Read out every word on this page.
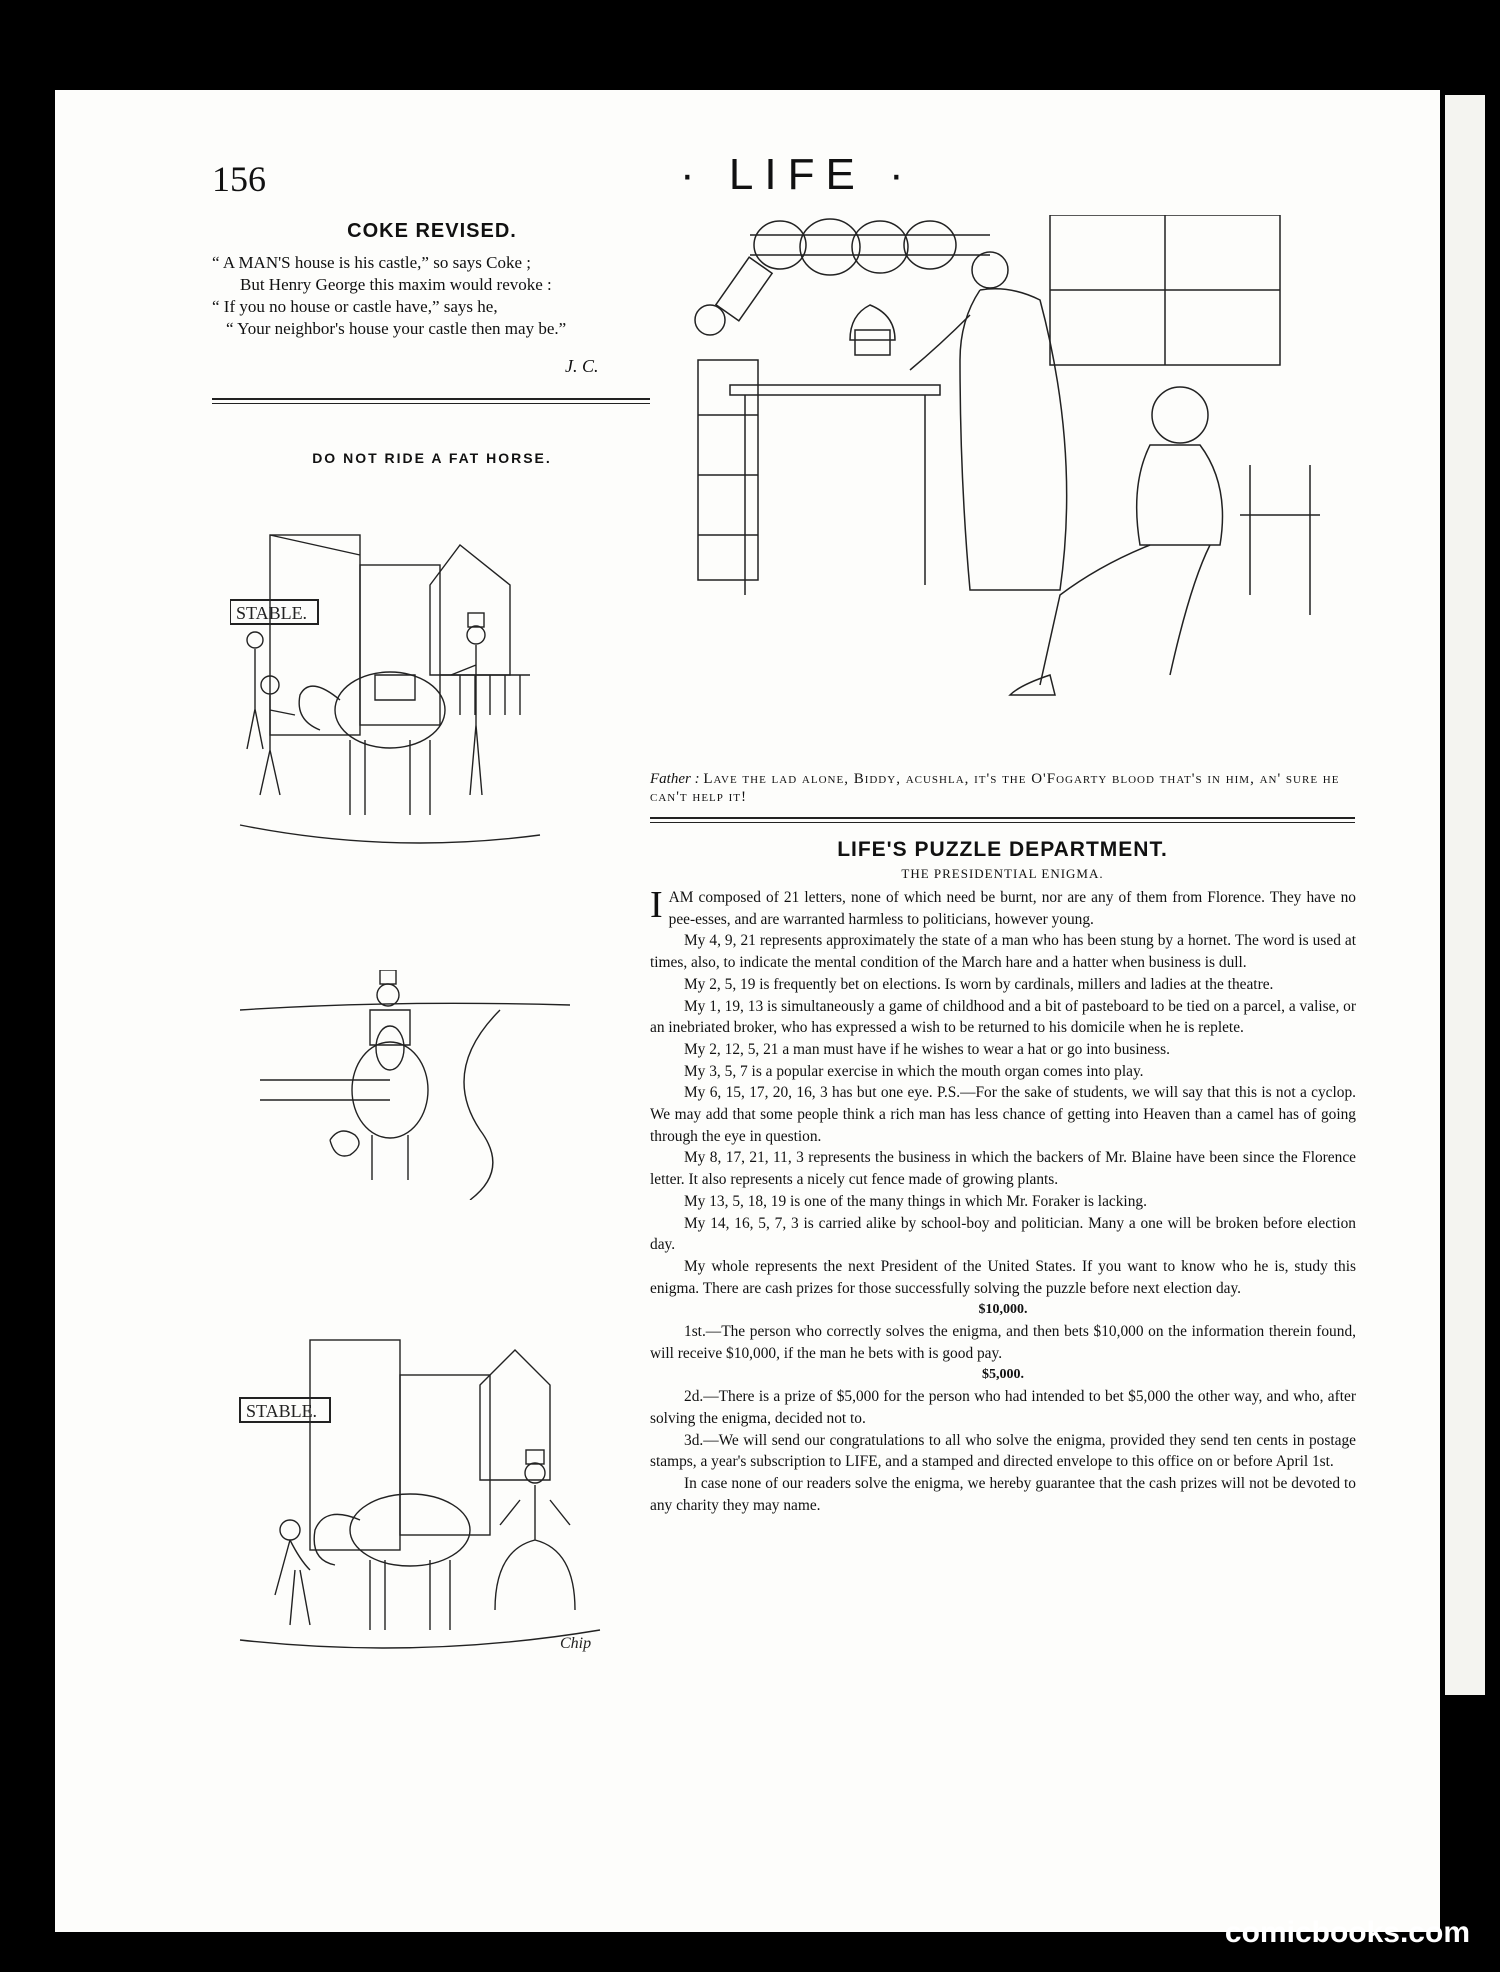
156	· LIFE ·
COKE REVISED.
“ A MAN'S house is his castle,” so says Coke ;
But Henry George this maxim would revoke :
“ If you no house or castle have,” says he,
“ Your neighbor's house your castle then may be.”
J. C.
DO NOT RIDE A FAT HORSE.
STABLE.
STABLE.
Chip
Father : Lave the lad alone, Biddy, acushla, it's the O'Fogarty blood that's in him, an' sure he can't help it!
LIFE'S PUZZLE DEPARTMENT.
THE PRESIDENTIAL ENIGMA.

IAM composed of 21 letters, none of which need be burnt, nor are any of them from Florence. They have no pee-esses, and are warranted harmless to politicians, however young.

My 4, 9, 21 represents approximately the state of a man who has been stung by a hornet. The word is used at times, also, to indicate the mental condition of the March hare and a hatter when business is dull.

My 2, 5, 19 is frequently bet on elections. Is worn by cardinals, millers and ladies at the theatre.

My 1, 19, 13 is simultaneously a game of childhood and a bit of pasteboard to be tied on a parcel, a valise, or an inebriated broker, who has expressed a wish to be returned to his domicile when he is replete.

My 2, 12, 5, 21 a man must have if he wishes to wear a hat or go into business.

My 3, 5, 7 is a popular exercise in which the mouth organ comes into play.

My 6, 15, 17, 20, 16, 3 has but one eye. P.S.—For the sake of students, we will say that this is not a cyclop. We may add that some people think a rich man has less chance of getting into Heaven than a camel has of going through the eye in question.

My 8, 17, 21, 11, 3 represents the business in which the backers of Mr. Blaine have been since the Florence letter. It also represents a nicely cut fence made of growing plants.

My 13, 5, 18, 19 is one of the many things in which Mr. Foraker is lacking.

My 14, 16, 5, 7, 3 is carried alike by school-boy and politician. Many a one will be broken before election day.

My whole represents the next President of the United States. If you want to know who he is, study this enigma. There are cash prizes for those successfully solving the puzzle before next election day.

$10,000.

1st.—The person who correctly solves the enigma, and then bets $10,000 on the information therein found, will receive $10,000, if the man he bets with is good pay.

$5,000.

2d.—There is a prize of $5,000 for the person who had intended to bet $5,000 the other way, and who, after solving the enigma, decided not to.

3d.—We will send our congratulations to all who solve the enigma, provided they send ten cents in postage stamps, a year's subscription to LIFE, and a stamped and directed envelope to this office on or before April 1st.

In case none of our readers solve the enigma, we hereby guarantee that the cash prizes will not be devoted to any charity they may name.

comicbooks.com
